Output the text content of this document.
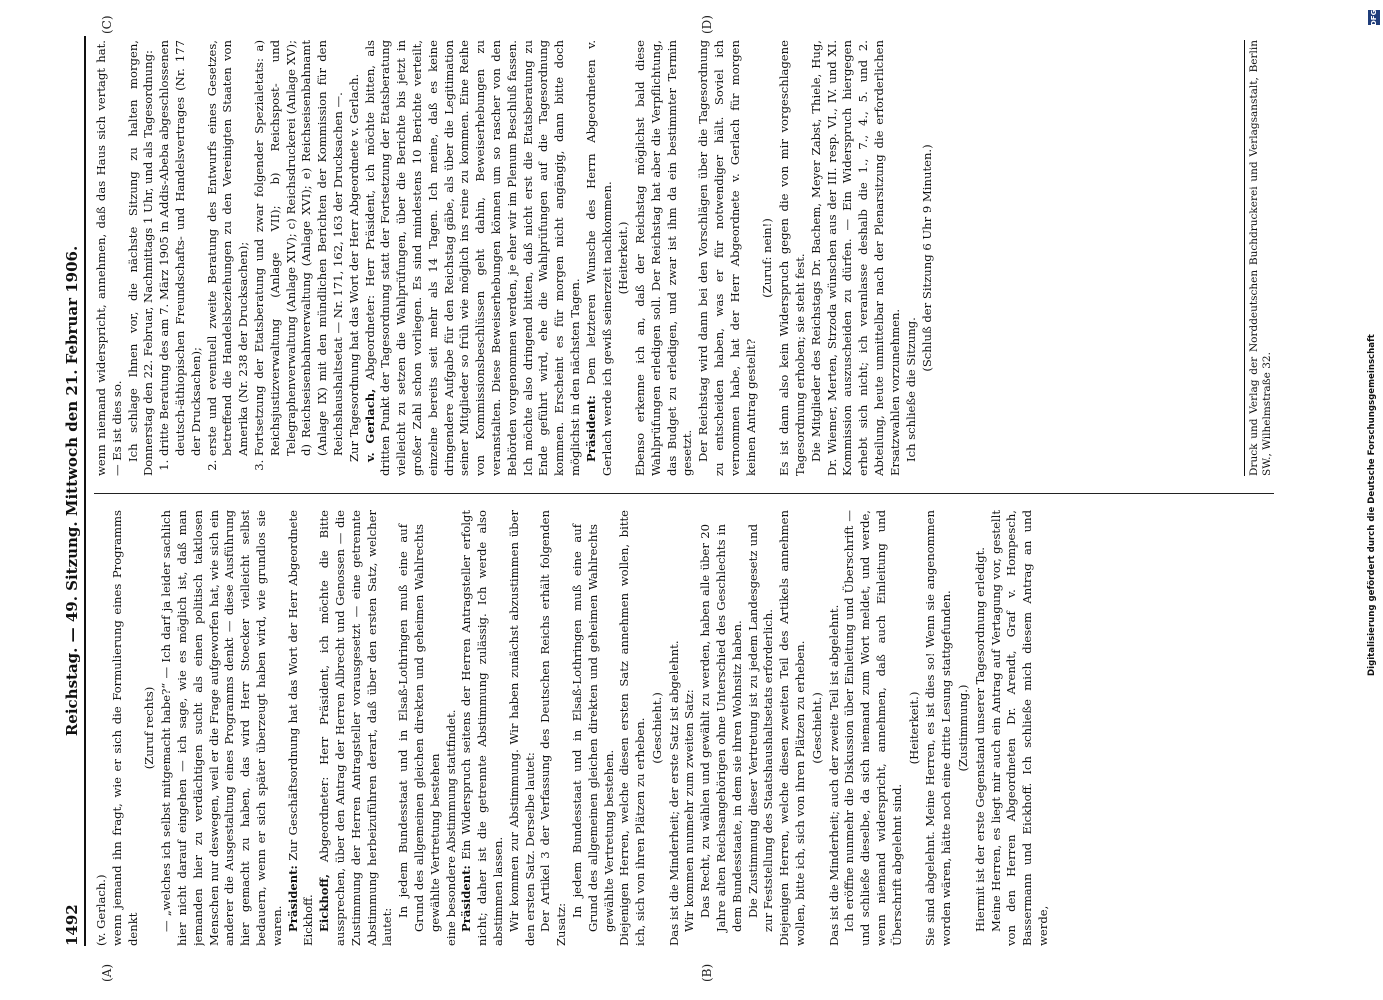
1492
Reichstag. — 49. Sitzung. Mittwoch den 21. Februar 1906.
(A)	(B)
(C)	(D)

(v. Gerlach.) wenn jemand ihn fragt, wie er sich die Formulierung eines Programms denkt

(Zuruf rechts) — „welches ich selbst mitgemacht habe?“ — Ich darf ja leider sachlich hier nicht darauf eingehen — ich sage, wie es möglich ist, daß man jemanden hier zu verdächtigen sucht als einen politisch taktlosen Menschen nur deswegen, weil er die Frage aufgeworfen hat, wie sich ein anderer die Ausgestaltung eines Programms denkt — diese Ausführung hier gemacht zu haben, das wird Herr Stoecker vielleicht selbst bedauern, wenn er sich später überzeugt haben wird, wie grundlos sie waren. Präsident: Zur Geschäftsordnung hat das Wort der Herr Abgeordnete Eickhoff. Eickhoff, Abgeordneter: Herr Präsident, ich möchte die Bitte aussprechen, über den Antrag der Herren Albrecht und Genossen — die Zustimmung der Herren Antragsteller vorausgesetzt — eine getrennte Abstimmung herbeizuführen derart, daß über den ersten Satz, welcher lautet:

In jedem Bundesstaat und in Elsaß-Lothringen muß eine auf Grund des allgemeinen gleichen direkten und geheimen Wahlrechts gewählte Vertretung bestehen eine besondere Abstimmung stattfindet. Präsident: Ein Widerspruch seitens der Herren Antragsteller erfolgt nicht; daher ist die getrennte Abstimmung zulässig. Ich werde also abstimmen lassen. Wir kommen zur Abstimmung. Wir haben zunächst abzustimmen über den ersten Satz. Derselbe lautet: Der Artikel 3 der Verfassung des Deutschen Reichs erhält folgenden Zusatz:

In jedem Bundesstaat und in Elsaß-Lothringen muß eine auf Grund des allgemeinen gleichen direkten und geheimen Wahlrechts gewählte Vertretung bestehen. Diejenigen Herren, welche diesen ersten Satz annehmen wollen, bitte ich, sich von ihren Plätzen zu erheben. (Geschieht.) Das ist die Minderheit; der erste Satz ist abgelehnt. Wir kommen nunmehr zum zweiten Satz: Das Recht, zu wählen und gewählt zu werden, haben alle über 20 Jahre alten Reichsangehörigen ohne Unterschied des Geschlechts in dem Bundesstaate, in dem sie ihren Wohnsitz haben. Die Zustimmung dieser Vertretung ist zu jedem Landesgesetz und zur Feststellung des Staatshaushaltsetats erforderlich. Diejenigen Herren, welche diesen zweiten Teil des Artikels annehmen wollen, bitte ich, sich von ihren Plätzen zu erheben. (Geschieht.) Das ist die Minderheit; auch der zweite Teil ist abgelehnt. Ich eröffne nunmehr die Diskussion über Einleitung und Überschrift — und schließe dieselbe, da sich niemand zum Wort meldet, und werde, wenn niemand widerspricht, annehmen, daß auch Einleitung und Überschrift abgelehnt sind.

(Heiterkeit.) Sie sind abgelehnt. Meine Herren, es ist dies so! Wenn sie angenommen worden wären, hätte noch eine dritte Lesung stattgefunden. (Zustimmung.) Hiermit ist der erste Gegenstand unserer Tagesordnung erledigt. Meine Herren, es liegt mir auch ein Antrag auf Vertagung vor, gestellt von den Herren Abgeordneten Dr. Arendt, Graf v. Hompesch, Bassermann und Eickhoff. Ich schließe mich diesem Antrag an und werde,

wenn niemand widerspricht, annehmen, daß das Haus sich vertagt hat. — Es ist dies so. Ich schlage Ihnen vor, die nächste Sitzung zu halten morgen, Donnerstag den 22. Februar, Nachmittags 1 Uhr, und als Tagesordnung: 1. dritte Beratung des am 7. März 1905 in Addis-Abeba abgeschlossenen deutsch-äthiopischen Freundschafts- und Handelsvertrages (Nr. 177 der Drucksachen); 2. erste und eventuell zweite Beratung des Entwurfs eines Gesetzes, betreffend die Handelsbeziehungen zu den Vereinigten Staaten von Amerika (Nr. 238 der Drucksachen); 3. Fortsetzung der Etatsberatung und zwar folgender Spezialetats: a) Reichsjustizverwaltung (Anlage VII); b) Reichspost- und Telegraphenverwaltung (Anlage XIV); c) Reichsdruckerei (Anlage XV); d) Reichseisenbahnverwaltung (Anlage XVI); e) Reichseisenbahnamt (Anlage IX) mit den mündlichen Berichten der Kommission für den Reichshaushaltsetat — Nr. 171, 162, 163 der Drucksachen —. Zur Tagesordnung hat das Wort der Herr Abgeordnete v. Gerlach. v. Gerlach, Abgeordneter: Herr Präsident, ich möchte bitten, als dritten Punkt der Tagesordnung statt der Fortsetzung der Etatsberatung vielleicht zu setzen die Wahlprüfungen, über die Berichte bis jetzt in großer Zahl schon vorliegen. Es sind mindestens 10 Berichte verteilt, einzelne bereits seit mehr als 14 Tagen. Ich meine, daß es keine dringendere Aufgabe für den Reichstag gäbe, als über die Legitimation seiner Mitglieder so früh wie möglich ins reine zu kommen. Eine Reihe von Kommissionsbeschlüssen geht dahin, Beweiserhebungen zu veranstalten. Diese Beweiserhebungen können um so rascher von den Behörden vorgenommen werden, je eher wir im Plenum Beschluß fassen. Ich möchte also dringend bitten, daß nicht erst die Etatsberatung zu Ende geführt wird, ehe die Wahlprüfungen auf die Tagesordnung kommen. Erscheint es für morgen nicht angängig, dann bitte doch möglichst in den nächsten Tagen. Präsident: Dem letzteren Wunsche des Herrn Abgeordneten v. Gerlach werde ich gewiß seinerzeit nachkommen. (Heiterkeit.) Ebenso erkenne ich an, daß der Reichstag möglichst bald diese Wahlprüfungen erledigen soll. Der Reichstag hat aber die Verpflichtung, das Budget zu erledigen, und zwar ist ihm da ein bestimmter Termin gesetzt. Der Reichstag wird dann bei den Vorschlägen über die Tagesordnung zu entscheiden haben, was er für notwendiger hält. Soviel ich vernommen habe, hat der Herr Abgeordnete v. Gerlach für morgen keinen Antrag gestellt?

(Zuruf: nein!) Es ist dann also kein Widerspruch gegen die von mir vorgeschlagene Tagesordnung erhoben; sie steht fest. Die Mitglieder des Reichstags Dr. Bachem, Meyer Zabst, Thiele, Hug, Dr. Wiemer, Merten, Strzoda wünschen aus der III. resp. VI., IV. und XI. Kommission auszuscheiden zu dürfen. — Ein Widerspruch hiergegen erhebt sich nicht; ich veranlasse deshalb die 1., 7., 4., 5. und 2. Abteilung, heute unmittelbar nach der Plenarsitzung die erforderlichen Ersatzwahlen vorzunehmen. Ich schließe die Sitzung.

(Schluß der Sitzung 6 Uhr 9 Minuten.)	Druck und Verlag der Norddeutschen Buchdruckerei und Verlagsanstalt, Berlin SW., Wilhelmstraße 32.
DFG
Digitalisierung gefördert durch die Deutsche Forschungsgemeinschaft
